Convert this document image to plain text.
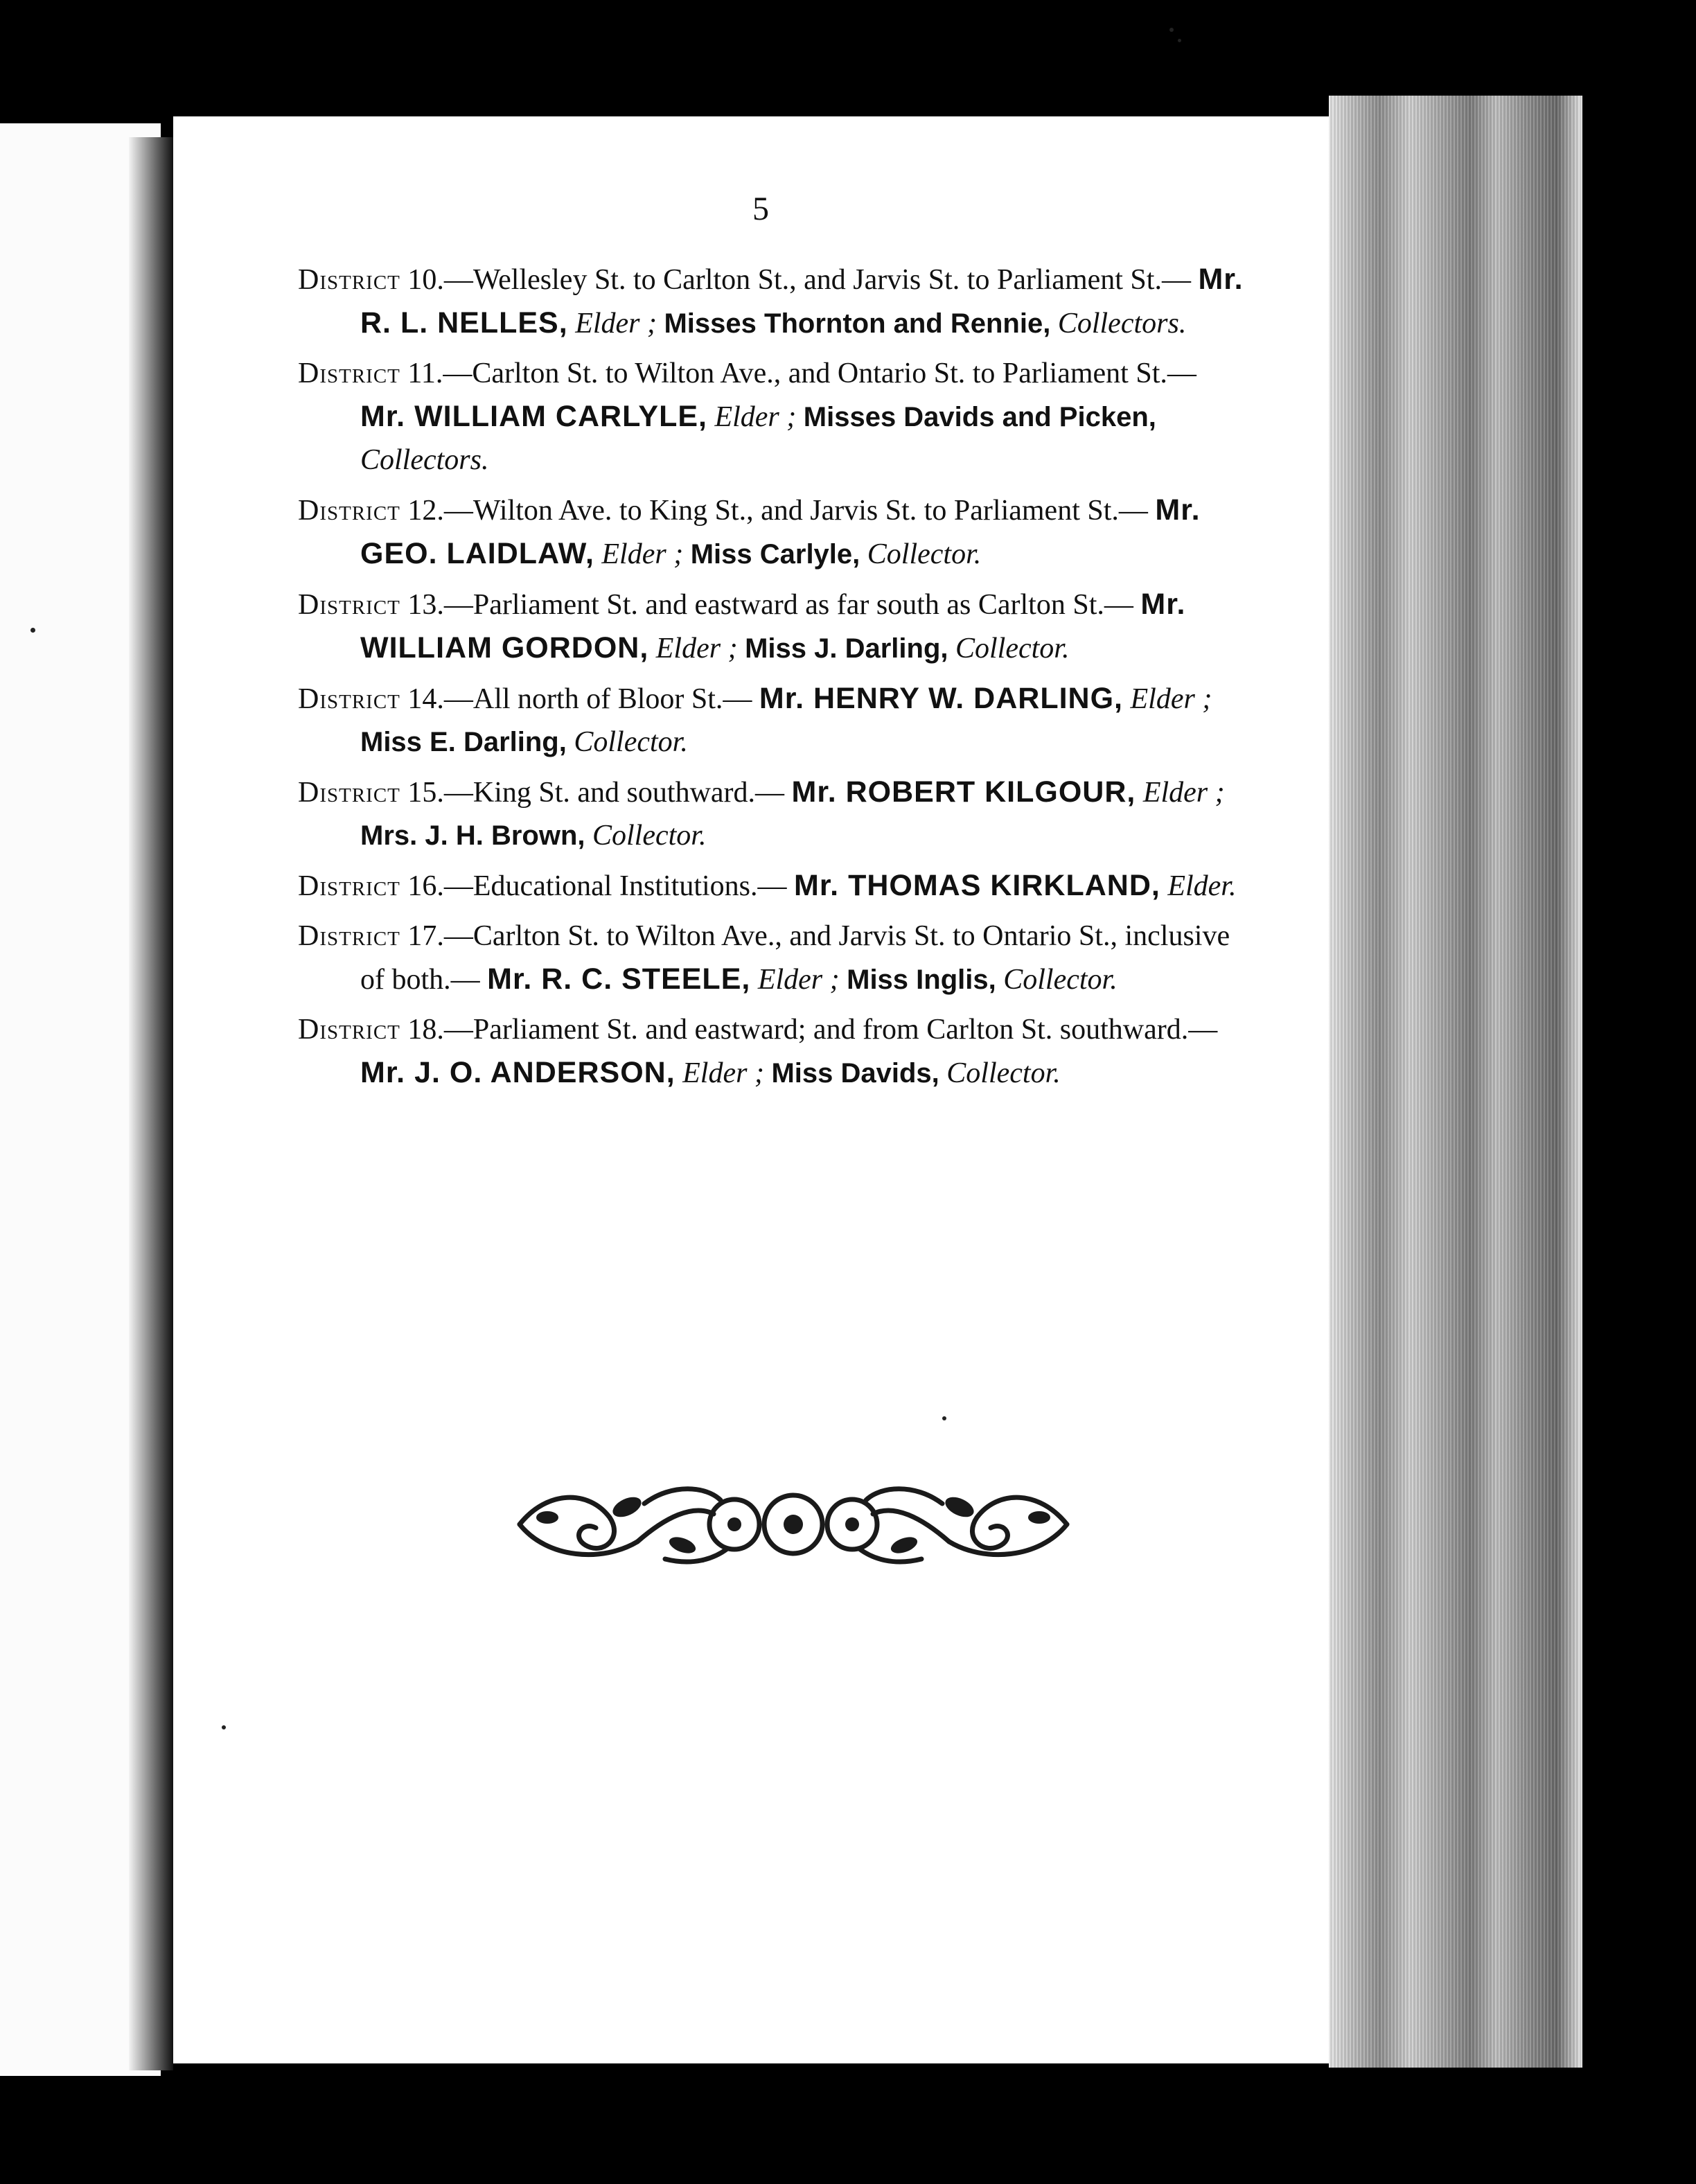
5

District 10.—Wellesley St. to Carlton St., and Jarvis St. to Parliament St.— Mr. R. L. NELLES, Elder ; Misses Thornton and Rennie, Collectors.

District 11.—Carlton St. to Wilton Ave., and Ontario St. to Parliament St.— Mr. WILLIAM CARLYLE, Elder ; Misses Davids and Picken, Collectors.

District 12.—Wilton Ave. to King St., and Jarvis St. to Parliament St.— Mr. GEO. LAIDLAW, Elder ; Miss Carlyle, Collector.

District 13.—Parliament St. and eastward as far south as Carlton St.— Mr. WILLIAM GORDON, Elder ; Miss J. Darling, Collector.

District 14.—All north of Bloor St.— Mr. HENRY W. DARLING, Elder ; Miss E. Darling, Collector.

District 15.—King St. and southward.— Mr. ROBERT KILGOUR, Elder ; Mrs. J. H. Brown, Collector.

District 16.—Educational Institutions.— Mr. THOMAS KIRKLAND, Elder.

District 17.—Carlton St. to Wilton Ave., and Jarvis St. to Ontario St., inclusive of both.— Mr. R. C. STEELE, Elder ; Miss Inglis, Collector.

District 18.—Parliament St. and eastward; and from Carlton St. southward.— Mr. J. O. ANDERSON, Elder ; Miss Davids, Collector.
